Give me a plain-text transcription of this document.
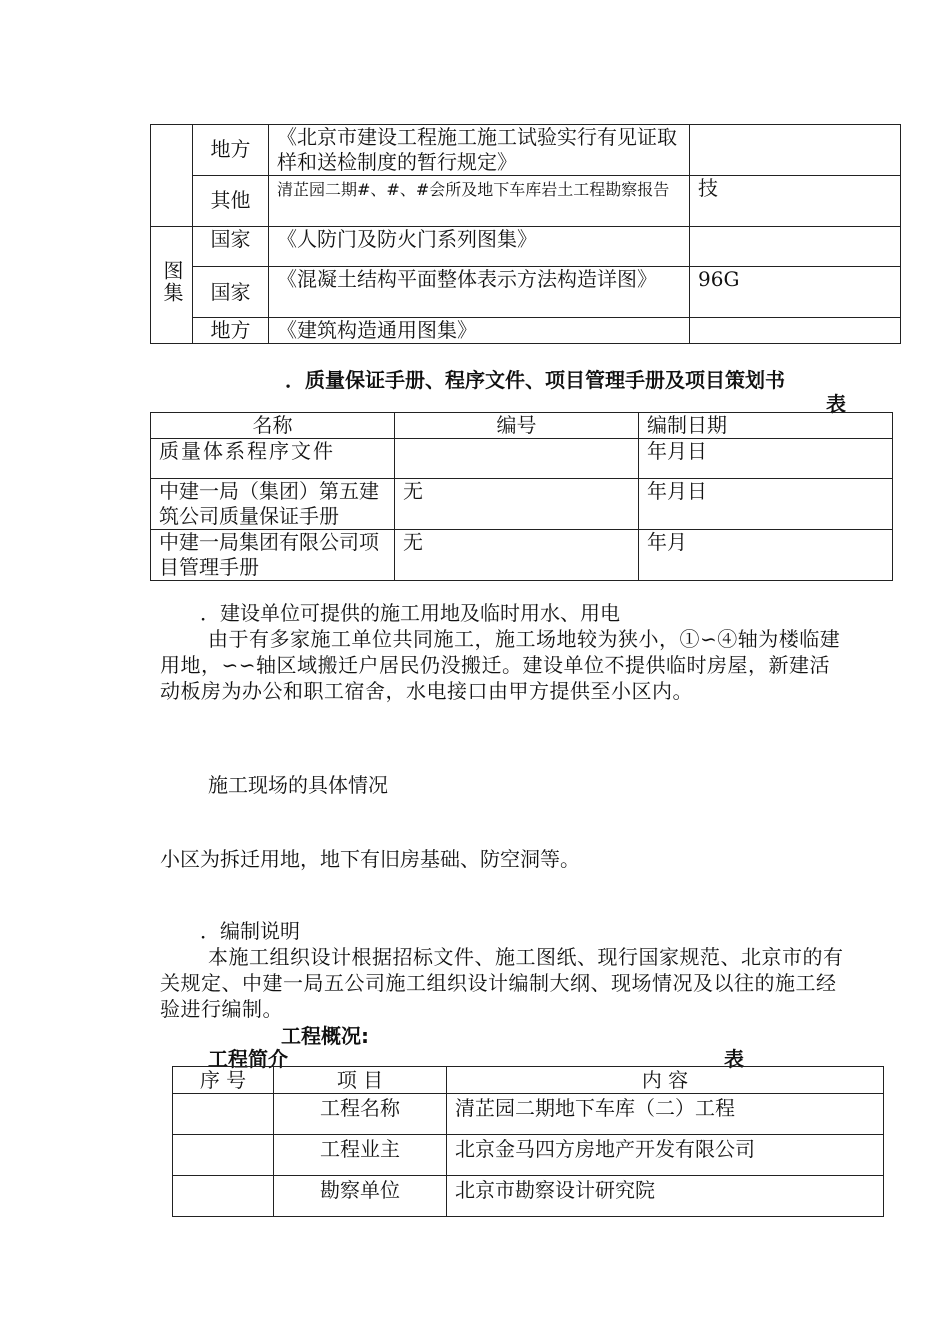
	地方	《北京市建设工程施工施工试验实行有见证取样和送检制度的暂行规定》	
	其他	清芷园二期#、#、#会所及地下车库岩土工程勘察报告	技
图集	国家	《人防门及防火门系列图集》	
	国家	《混凝土结构平面整体表示方法构造详图》	96G
	地方	《建筑构造通用图集》	
．质量保证手册、程序文件、项目管理手册及项目策划书
表
名称	编号	编制日期
质量体系程序文件		年月日
中建一局（集团）第五建筑公司质量保证手册	无	年月日
中建一局集团有限公司项目管理手册	无	年月
．建设单位可提供的施工用地及临时用水、用电
由于有多家施工单位共同施工，施工场地较为狭小，①∽④轴为楼临建用地，∽∽轴区域搬迁户居民仍没搬迁。建设单位不提供临时房屋，新建活动板房为办公和职工宿舍，水电接口由甲方提供至小区内。
施工现场的具体情况
小区为拆迁用地，地下有旧房基础、防空洞等。
．编制说明
本施工组织设计根据招标文件、施工图纸、现行国家规范、北京市的有关规定、中建一局五公司施工组织设计编制大纲、现场情况及以往的施工经验进行编制。
工程概况:
工程简介	表
序 号	项 目	内 容
	工程名称	清芷园二期地下车库（二）工程
	工程业主	北京金马四方房地产开发有限公司
	勘察单位	北京市勘察设计研究院
